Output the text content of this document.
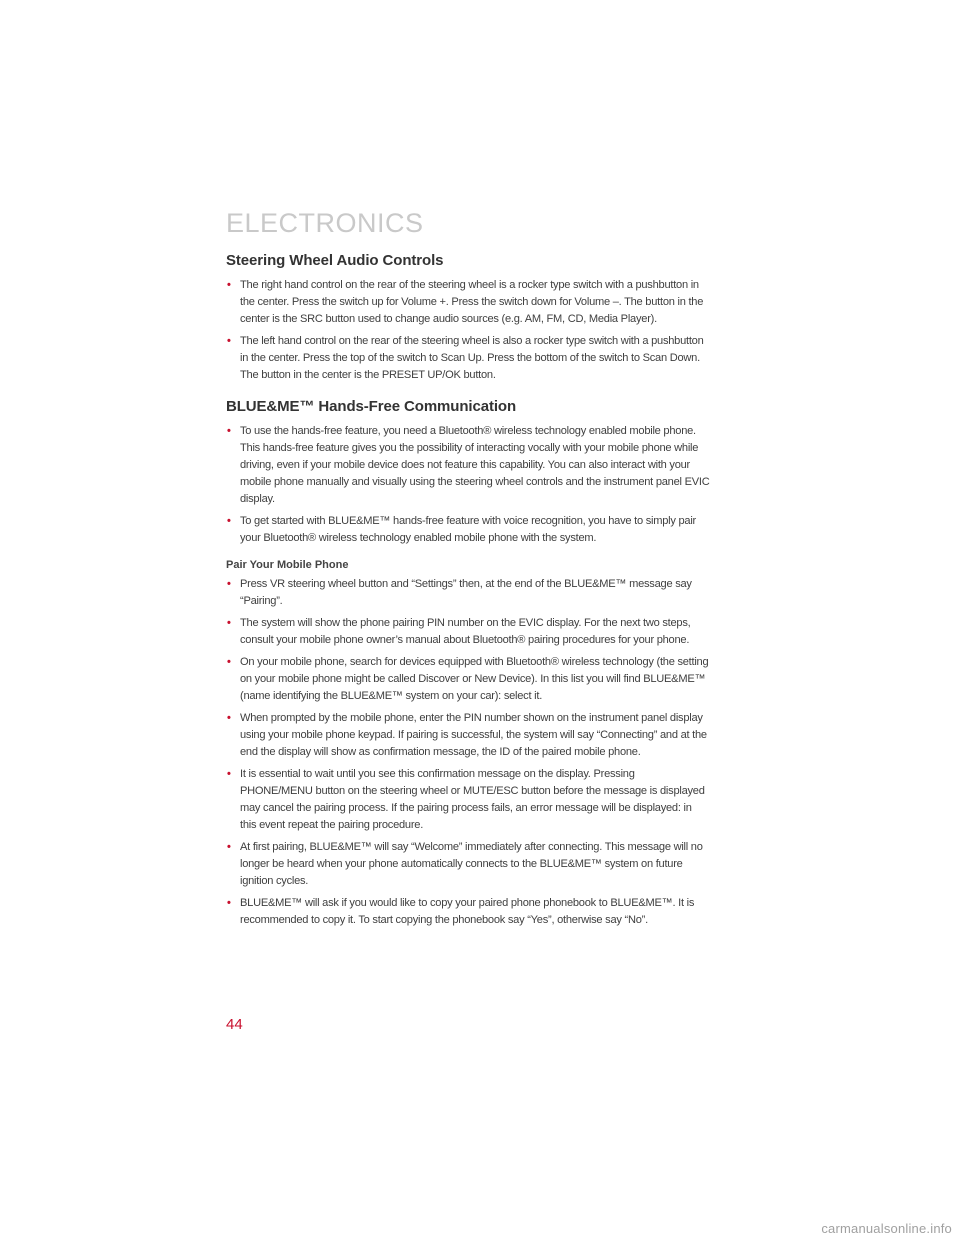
ELECTRONICS
Steering Wheel Audio Controls
• The right hand control on the rear of the steering wheel is a rocker type switch with a pushbutton in the center. Press the switch up for Volume +. Press the switch down for Volume –. The button in the center is the SRC button used to change audio sources (e.g. AM, FM, CD, Media Player).
• The left hand control on the rear of the steering wheel is also a rocker type switch with a pushbutton in the center. Press the top of the switch to Scan Up. Press the bottom of the switch to Scan Down. The button in the center is the PRESET UP/OK button.
BLUE&ME™ Hands-Free Communication
• To use the hands-free feature, you need a Bluetooth® wireless technology enabled mobile phone. This hands-free feature gives you the possibility of interacting vocally with your mobile phone while driving, even if your mobile device does not feature this capability. You can also interact with your mobile phone manually and visually using the steering wheel controls and the instrument panel EVIC display.
• To get started with BLUE&ME™ hands-free feature with voice recognition, you have to simply pair your Bluetooth® wireless technology enabled mobile phone with the system.
Pair Your Mobile Phone
• Press VR steering wheel button and “Settings” then, at the end of the BLUE&ME™ message say “Pairing”.
• The system will show the phone pairing PIN number on the EVIC display. For the next two steps, consult your mobile phone owner’s manual about Bluetooth® pairing procedures for your phone.
• On your mobile phone, search for devices equipped with Bluetooth® wireless technology (the setting on your mobile phone might be called Discover or New Device). In this list you will find BLUE&ME™ (name identifying the BLUE&ME™ system on your car): select it.
• When prompted by the mobile phone, enter the PIN number shown on the instrument panel display using your mobile phone keypad. If pairing is successful, the system will say “Connecting” and at the end the display will show as confirmation message, the ID of the paired mobile phone.
• It is essential to wait until you see this confirmation message on the display. Pressing PHONE/MENU button on the steering wheel or MUTE/ESC button before the message is displayed may cancel the pairing process. If the pairing process fails, an error message will be displayed: in this event repeat the pairing procedure.
• At first pairing, BLUE&ME™ will say “Welcome” immediately after connecting. This message will no longer be heard when your phone automatically connects to the BLUE&ME™ system on future ignition cycles.
• BLUE&ME™ will ask if you would like to copy your paired phone phonebook to BLUE&ME™. It is recommended to copy it. To start copying the phonebook say “Yes”, otherwise say “No”.
44
carmanualsonline.info
